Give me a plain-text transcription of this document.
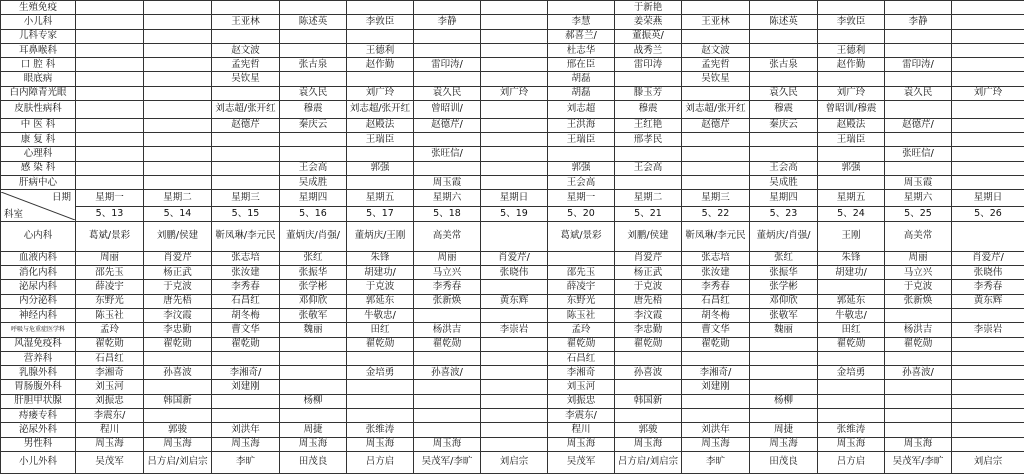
生殖免疫									于新艳					
小儿科			王亚林	陈述英	李敦臣	李静		李慧	姜荣燕	王亚林	陈述英	李敦臣	李静	
儿科专家								郝喜兰/	董振英/					
耳鼻喉科			赵文波		王德利			杜志华	战秀兰	赵文波		王德利		
口 腔 科			孟宪哲	张古泉	赵作勤	雷印涛/		邢在臣	雷印涛	孟宪哲	张古泉	赵作勤	雷印涛/	
眼底病			吴钦星					胡磊		吴钦星				
白内障青光眼				袁久民	刘广玲	袁久民	刘广玲	胡磊	滕玉芳		袁久民	刘广玲	袁久民	刘广玲
皮肤性病科			刘志超/张开红	穆震	刘志超/张开红	曾昭训/		刘志超	穆震	刘志超/张开红	穆震	曾昭训/穆震		
中 医 科			赵德芹	秦庆云	赵殿法	赵德芹/		王洪海	王红艳	赵德芹	秦庆云	赵殿法	赵德芹/	
康 复 科					王瑞臣			王瑞臣	邢孝民			王瑞臣		
心理科						张旺信/							张旺信/	
感 染 科				王会高	郭强			郭强	王会高		王会高	郭强		
肝病中心				吴成胜		周玉霞		王会高			吴成胜		周玉霞	

日期
科室	星期一	星期二	星期三	星期四	星期五	星期六	星期日	星期一	星期二	星期三	星期四	星期五	星期六	星期日
	5、13	5、14	5、15	5、16	5、17	5、18	5、19	5、20	5、21	5、22	5、23	5、24	5、25	5、26
心内科	葛斌/景彩	刘鹏/侯建	靳凤琳/李元民	董炳庆/肖强/	董炳庆/王刚	高美常		葛斌/景彩	刘鹏/侯建	靳凤琳/李元民	董炳庆/肖强/	王刚	高美常	
血液内科	周丽	肖爱芹	张志培	张红	朱锋	周丽	肖爱芹/		肖爱芹	张志培	张红	朱锋	周丽	肖爱芹/
消化内科	邵先玉	杨正武	张汝建	张振华	胡建功/	马立兴	张晓伟	邵先玉	杨正武	张汝建	张振华	胡建功/	马立兴	张晓伟
泌尿内科	薛凌宇	于克波	李秀春	张学彬	于克波	李秀春		薛凌宇	于克波	李秀春	张学彬		于克波	李秀春
内分泌科	东野光	唐先梧	石昌红	邓仰欣	郭延东	张新焕	黄东辉	东野光	唐先梧	石昌红	邓仰欣	郭延东	张新焕	黄东辉
神经内科	陈玉社	李汶霞	胡冬梅	张敬军	牛敬忠/			陈玉社	李汶霞	胡冬梅	张敬军	牛敬忠/		
呼吸与危重症医学科	孟玲	李忠勤	曹文华	魏丽	田红	杨洪吉	李崇岩	孟玲	李忠勤	曹文华	魏丽	田红	杨洪吉	李崇岩
风湿免疫科	翟乾勋	翟乾勋	翟乾勋		翟乾勋	翟乾勋		翟乾勋	翟乾勋	翟乾勋		翟乾勋	翟乾勋	
营养科	石昌红							石昌红						
乳腺外科	李湘奇	孙喜波	李湘奇/		金培勇	孙喜波/		李湘奇	孙喜波	李湘奇/		金培勇	孙喜波/	
胃肠腹外科	刘玉河		刘建刚					刘玉河		刘建刚				
肝胆甲状腺	刘振忠	韩国新		杨柳				刘振忠	韩国新		杨柳			
痔瘘专科	李震东/							李震东/						
泌尿外科	程川	郭骏	刘洪年	周捷	张维涛			程川	郭骏	刘洪年	周捷	张维涛		
男性科	周玉海	周玉海	周玉海	周玉海	周玉海	周玉海		周玉海	周玉海	周玉海	周玉海	周玉海	周玉海	
小儿外科	吴茂军	吕方启/刘启宗	李旷	田茂良	吕方启	吴茂军/李旷	刘启宗	吴茂军	吕方启/刘启宗	李旷	田茂良	吕方启	吴茂军/李旷	刘启宗
